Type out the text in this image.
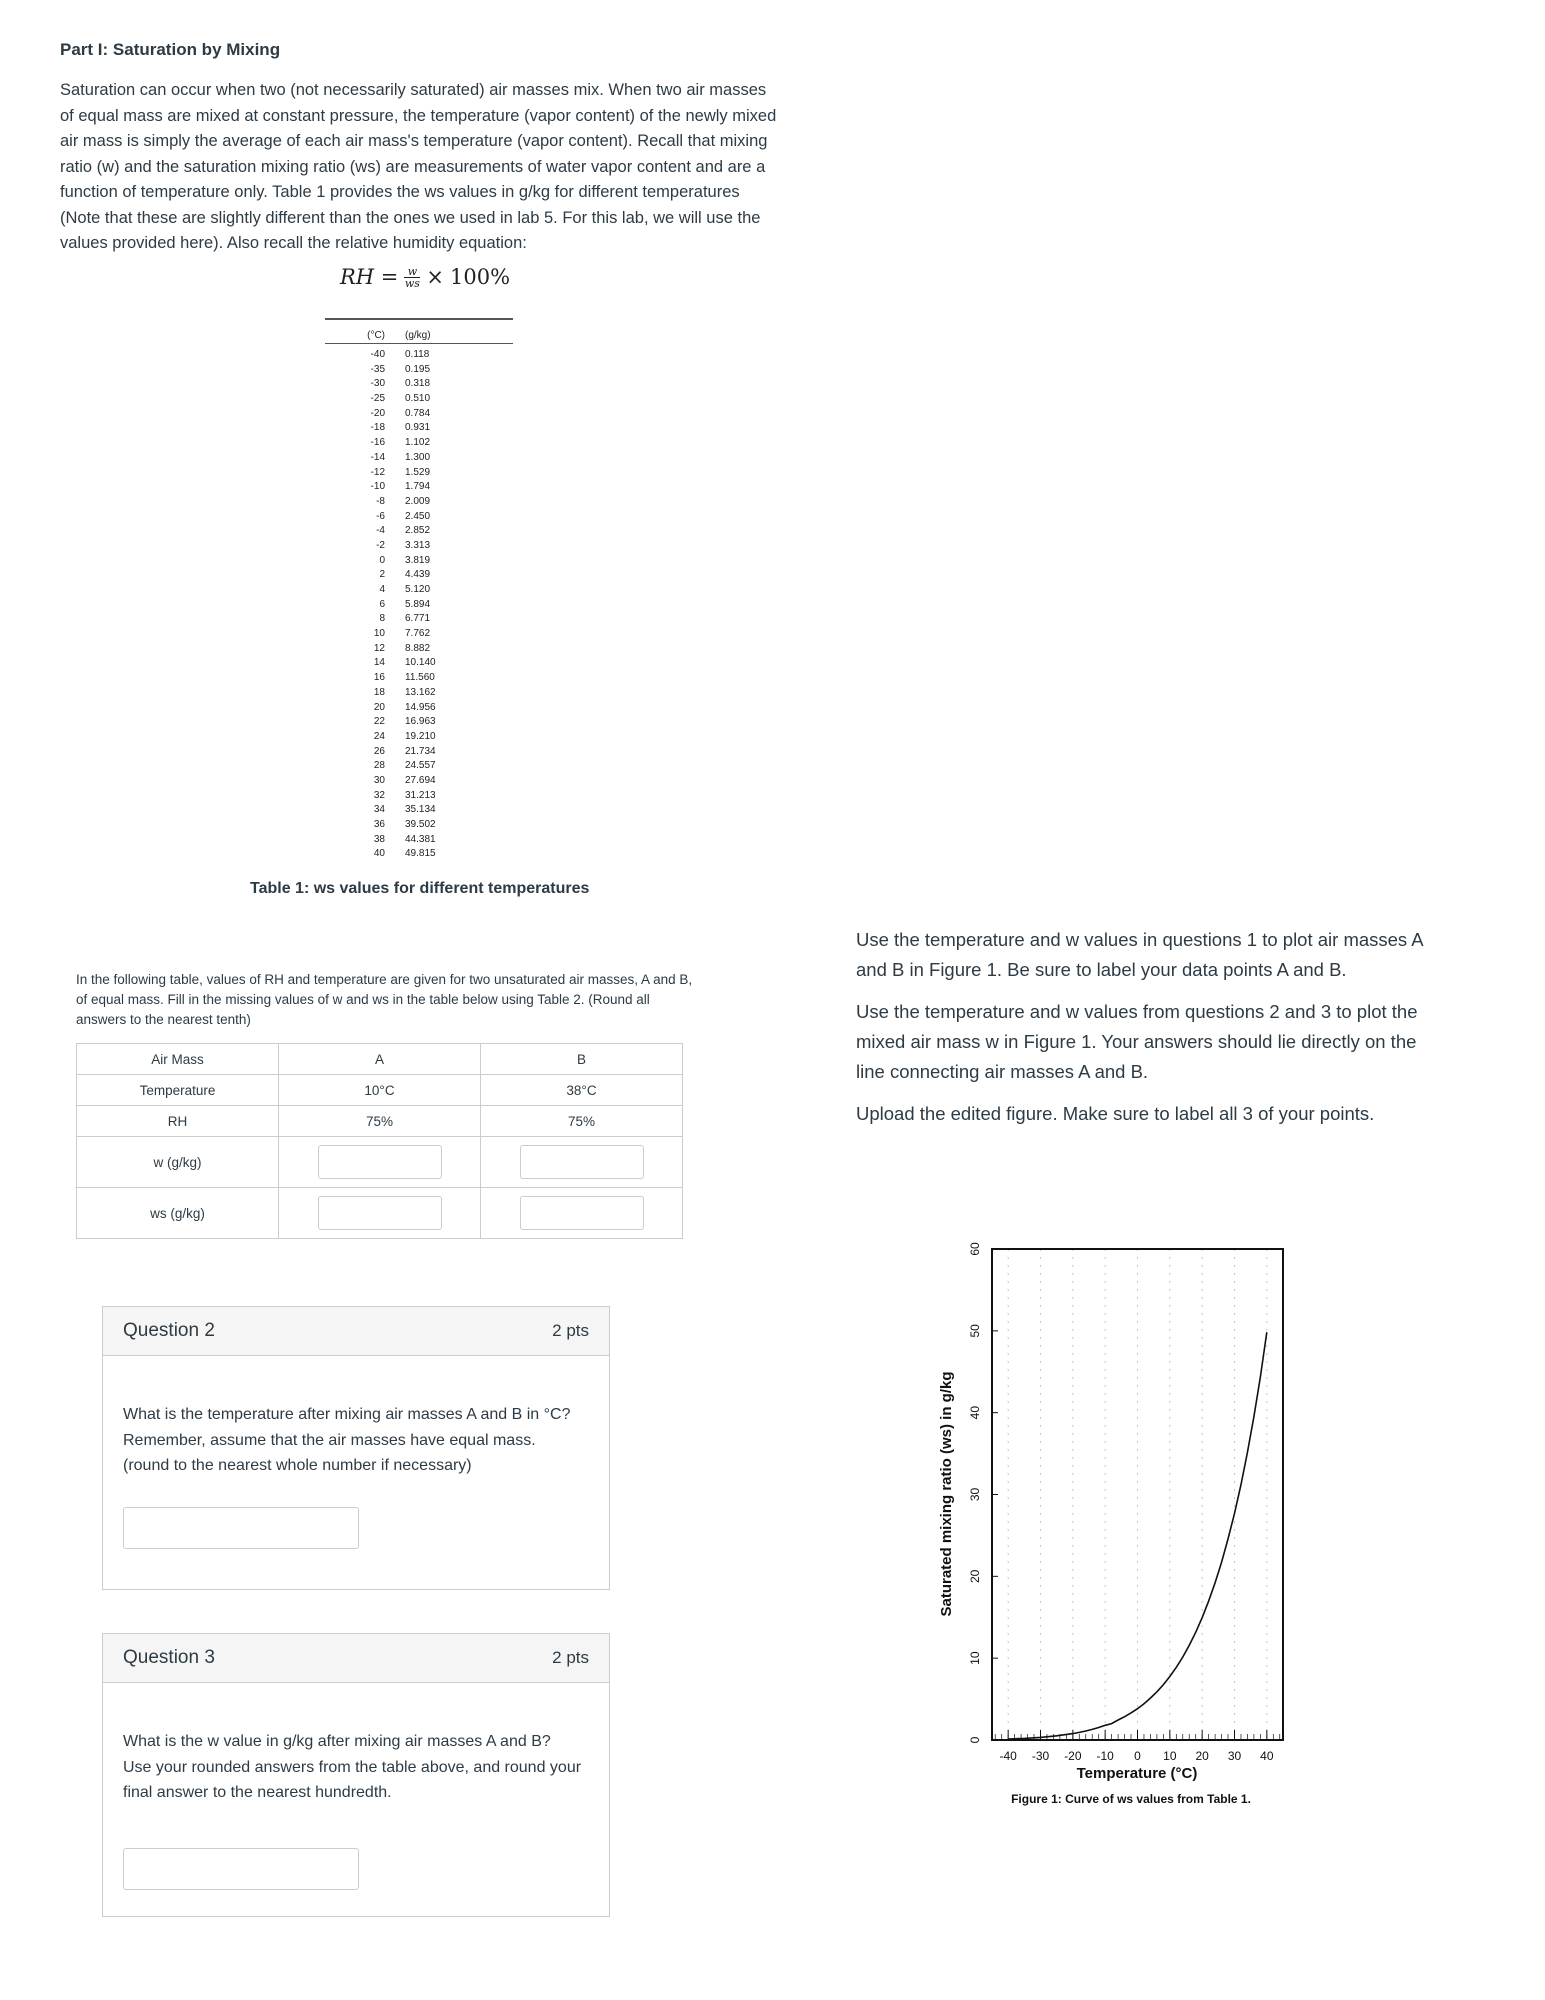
Part I: Saturation by Mixing

Saturation can occur when two (not necessarily saturated) air masses mix. When two air masses of equal mass are mixed at constant pressure, the temperature (vapor content) of the newly mixed air mass is simply the average of each air mass's temperature (vapor content). Recall that mixing ratio (w) and the saturation mixing ratio (ws) are measurements of water vapor content and are a function of temperature only. Table 1 provides the ws values in g/kg for different temperatures (Note that these are slightly different than the ones we used in lab 5. For this lab, we will use the values provided here). Also recall the relative humidity equation:

RH = $\frac{w}{ws} \times 100\%$
(°C)	(g/kg)
-40	0.118
-35	0.195
-30	0.318
-25	0.510
-20	0.784
-18	0.931
-16	1.102
-14	1.300
-12	1.529
-10	1.794
-8	2.009
-6	2.450
-4	2.852
-2	3.313
0	3.819
2	4.439
4	5.120
6	5.894
8	6.771
10	7.762
12	8.882
14	10.140
16	11.560
18	13.162
20	14.956
22	16.963
24	19.210
26	21.734
28	24.557
30	27.694
32	31.213
34	35.134
36	39.502
38	44.381
40	49.815
Table 1: ws values for different temperatures
In the following table, values of RH and temperature are given for two unsaturated air masses, A and B, of equal mass. Fill in the missing values of w and ws in the table below using Table 2. (Round all answers to the nearest tenth)
Air Mass	A	B
Temperature	10°C	38°C
RH	75%	75%
w (g/kg)	

ws (g/kg)	

Question 2	2 pts
What is the temperature after mixing air masses A and B in °C? Remember, assume that the air masses have equal mass. (round to the nearest whole number if necessary)
Question 3	2 pts
What is the w value in g/kg after mixing air masses A and B? Use your rounded answers from the table above, and round your final answer to the nearest hundredth.

Use the temperature and w values in questions 1 to plot air masses A and B in Figure 1. Be sure to label your data points A and B.

Use the temperature and w values from questions 2 and 3 to plot the mixed air mass w in Figure 1. Your answers should lie directly on the line connecting air masses A and B.

Upload the edited figure. Make sure to label all 3 of your points.

-40 -30 -20 -10 0 10 20 30 40
0
10
20
30
40
50
60
Temperature (°C)
Saturated mixing ratio (ws) in g/kg
Figure 1: Curve of ws values from Table 1.
